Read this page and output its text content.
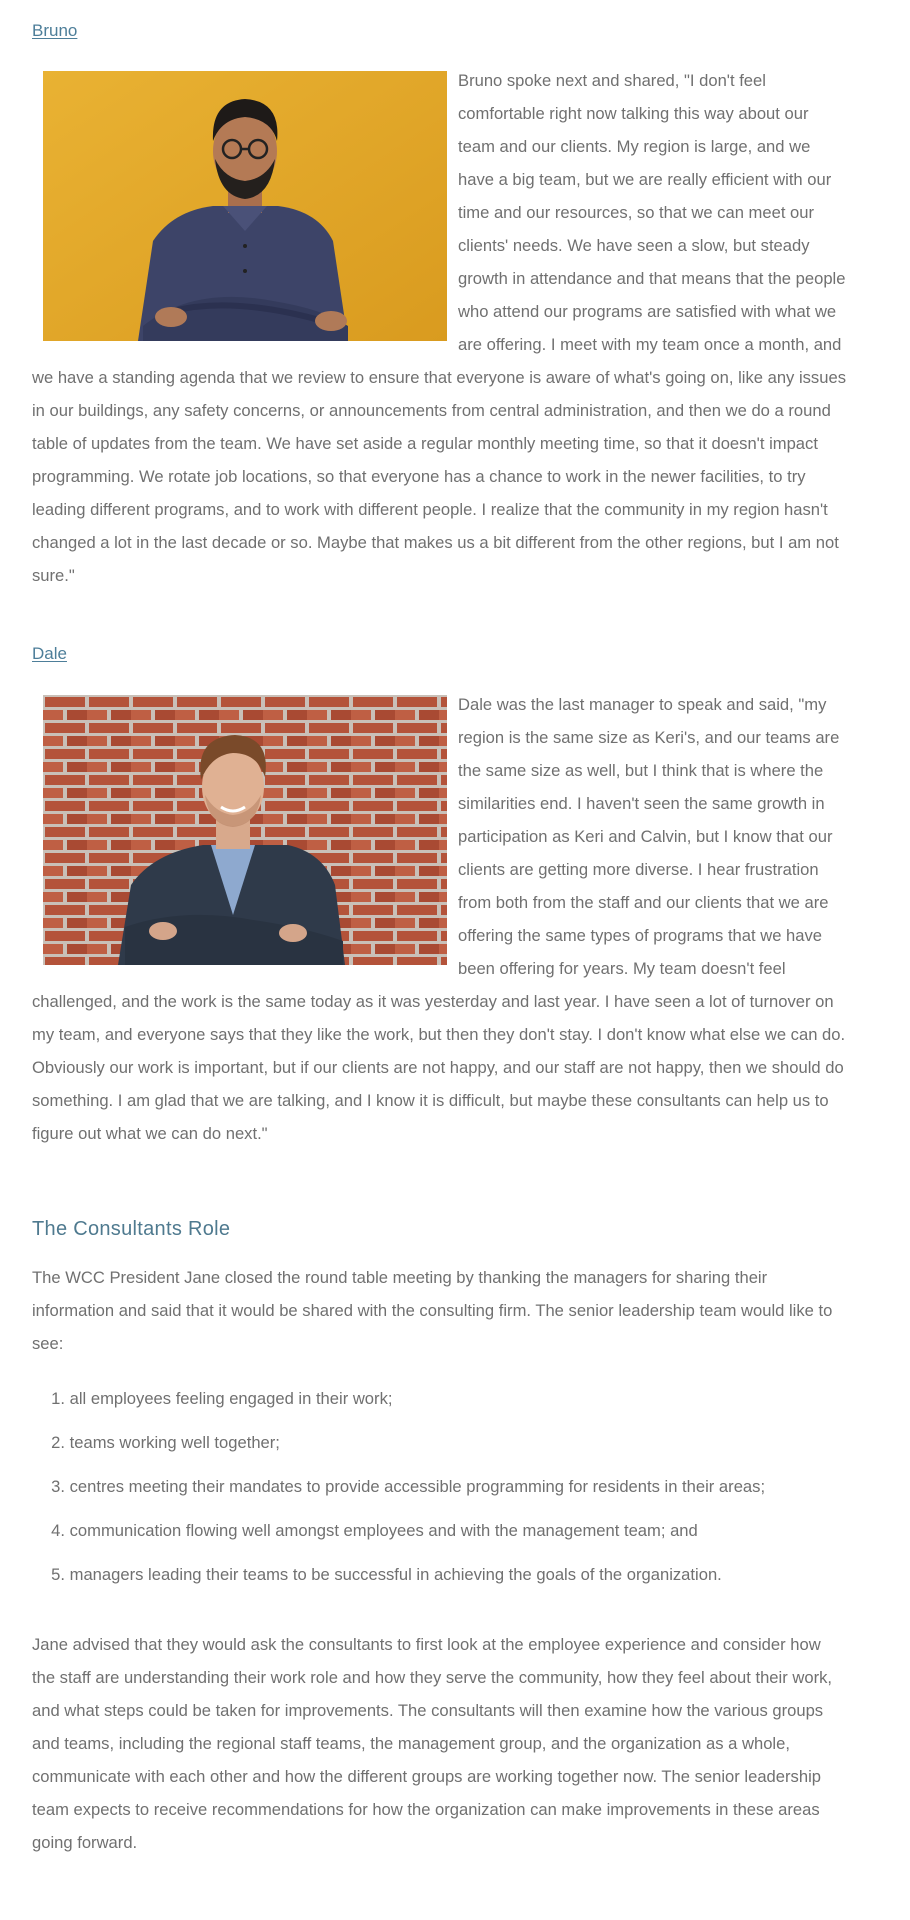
Bruno
Bruno spoke next and shared, "I don't feel comfortable right now talking this way about our team and our clients. My region is large, and we have a big team, but we are really efficient with our time and our resources, so that we can meet our clients' needs. We have seen a slow, but steady growth in attendance and that means that the people who attend our programs are satisfied with what we are offering. I meet with my team once a month, and we have a standing agenda that we review to ensure that everyone is aware of what's going on, like any issues in our buildings, any safety concerns, or announcements from central administration, and then we do a round table of updates from the team. We have set aside a regular monthly meeting time, so that it doesn't impact programming. We rotate job locations, so that everyone has a chance to work in the newer facilities, to try leading different programs, and to work with different people. I realize that the community in my region hasn't changed a lot in the last decade or so. Maybe that makes us a bit different from the other regions, but I am not sure."
Dale
Dale was the last manager to speak and said, "my region is the same size as Keri's, and our teams are the same size as well, but I think that is where the similarities end. I haven't seen the same growth in participation as Keri and Calvin, but I know that our clients are getting more diverse. I hear frustration from both from the staff and our clients that we are offering the same types of programs that we have been offering for years. My team doesn't feel challenged, and the work is the same today as it was yesterday and last year. I have seen a lot of turnover on my team, and everyone says that they like the work, but then they don't stay. I don't know what else we can do. Obviously our work is important, but if our clients are not happy, and our staff are not happy, then we should do something. I am glad that we are talking, and I know it is difficult, but maybe these consultants can help us to figure out what we can do next."
The Consultants Role

The WCC President Jane closed the round table meeting by thanking the managers for sharing their information and said that it would be shared with the consulting firm. The senior leadership team would like to see:

1.
all employees feeling engaged in their work;
2.
teams working well together;
3.
centres meeting their mandates to provide accessible programming for residents in their areas;
4.
communication flowing well amongst employees and with the management team; and
5.
managers leading their teams to be successful in achieving the goals of the organization.

Jane advised that they would ask the consultants to first look at the employee experience and consider how the staff are understanding their work role and how they serve the community, how they feel about their work, and what steps could be taken for improvements. The consultants will then examine how the various groups and teams, including the regional staff teams, the management group, and the organization as a whole, communicate with each other and how the different groups are working together now. The senior leadership team expects to receive recommendations for how the organization can make improvements in these areas going forward.
